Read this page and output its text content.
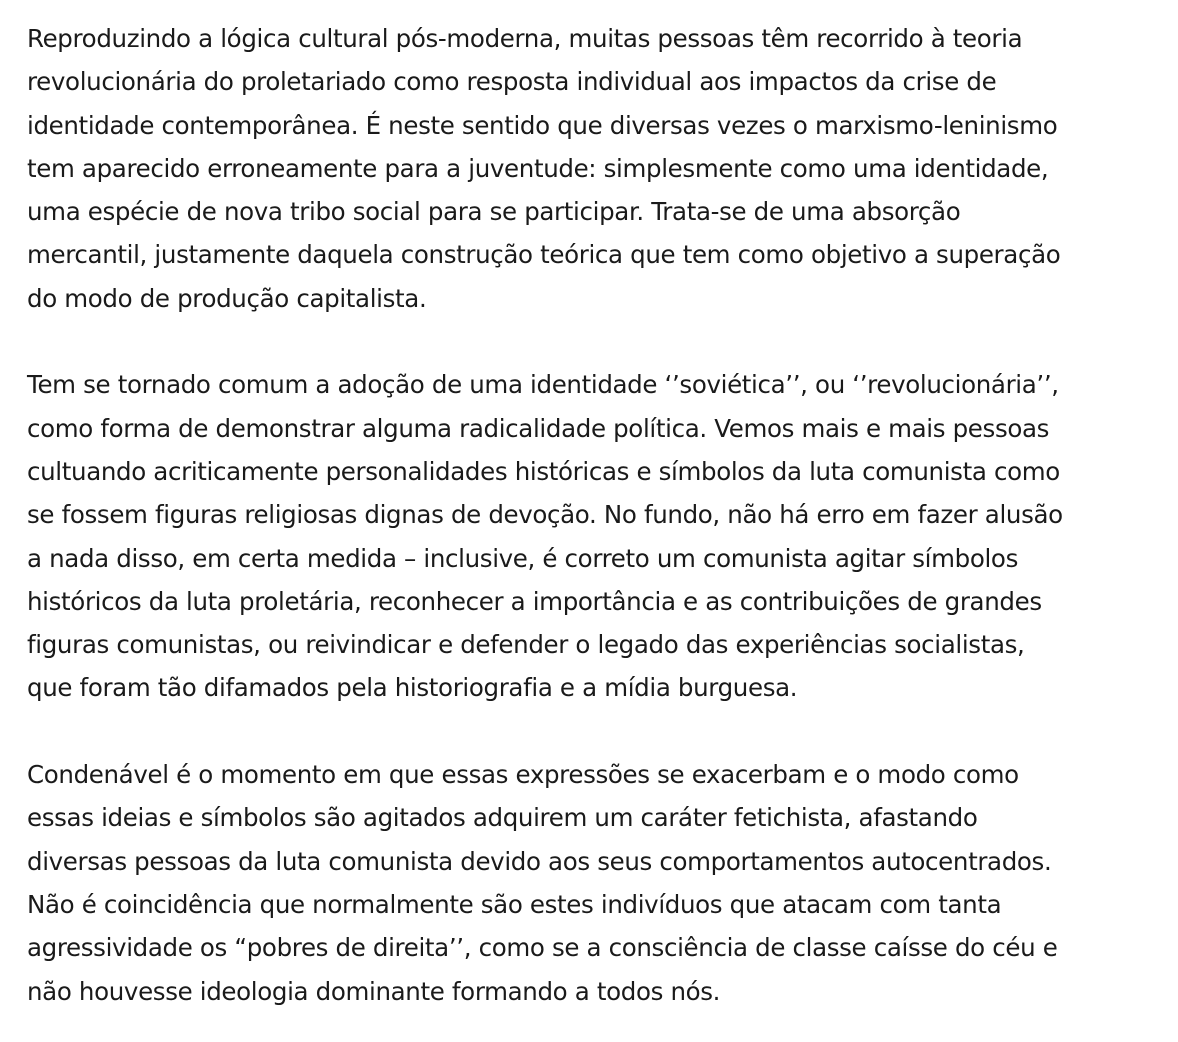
Reproduzindo a lógica cultural pós-moderna, muitas pessoas têm recorrido à teoria
revolucionária do proletariado como resposta individual aos impactos da crise de
identidade contemporânea. É neste sentido que diversas vezes o marxismo-leninismo
tem aparecido erroneamente para a juventude: simplesmente como uma identidade,
uma espécie de nova tribo social para se participar. Trata-se de uma absorção
mercantil, justamente daquela construção teórica que tem como objetivo a superação
do modo de produção capitalista.

Tem se tornado comum a adoção de uma identidade ‘’soviética’’, ou ‘’revolucionária’’,
como forma de demonstrar alguma radicalidade política. Vemos mais e mais pessoas
cultuando acriticamente personalidades históricas e símbolos da luta comunista como
se fossem figuras religiosas dignas de devoção. No fundo, não há erro em fazer alusão
a nada disso, em certa medida – inclusive, é correto um comunista agitar símbolos
históricos da luta proletária, reconhecer a importância e as contribuições de grandes
figuras comunistas, ou reivindicar e defender o legado das experiências socialistas,
que foram tão difamados pela historiografia e a mídia burguesa.

Condenável é o momento em que essas expressões se exacerbam e o modo como
essas ideias e símbolos são agitados adquirem um caráter fetichista, afastando
diversas pessoas da luta comunista devido aos seus comportamentos autocentrados.
Não é coincidência que normalmente são estes indivíduos que atacam com tanta
agressividade os “pobres de direita’’, como se a consciência de classe caísse do céu e
não houvesse ideologia dominante formando a todos nós.
